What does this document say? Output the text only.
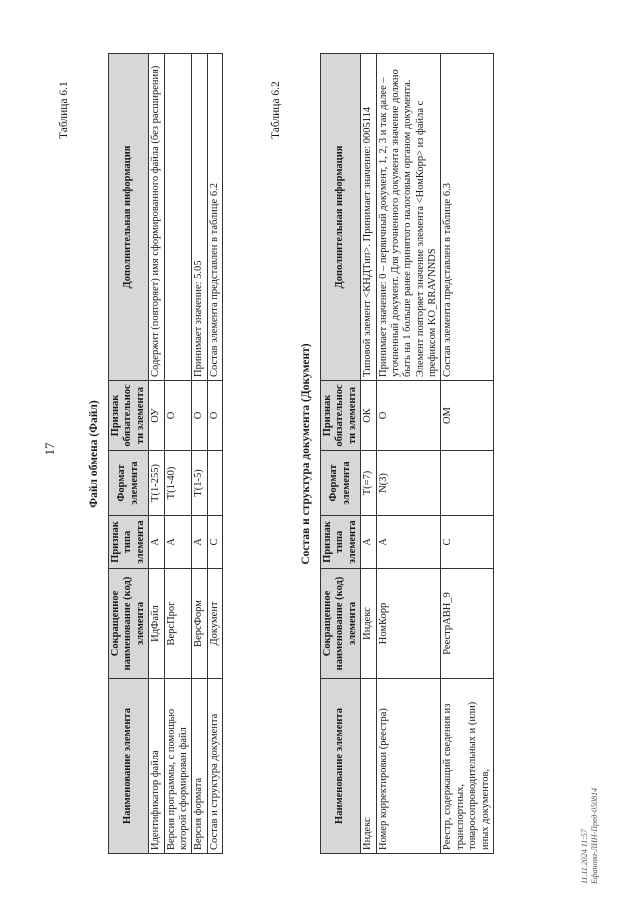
17
Таблица 6.1
Файл обмена (Файл)
Наименование элемента	Сокращенное наименование (код) элемента	Признак типа элемента	Формат элемента	Признак обязательности элемента	Дополнительная информация
Идентификатор файла	ИдФайл	А	Т(1-255)	ОУ	Содержит (повторяет) имя сформированного файла (без расширения)
Версия программы, с помощью которой сформирован файл	ВерсПрог	А	Т(1-40)	О	
Версия формата	ВерсФорм	А	Т(1-5)	О	Принимает значение: 5.05
Состав и структура документа	Документ	С		О	Состав элемента представлен в таблице 6.2
Таблица 6.2
Состав и структура документа (Документ)
Наименование элемента	Сокращенное наименование (код) элемента	Признак типа элемента	Формат элемента	Признак обязательности элемента	Дополнительная информация
Индекс	Индекс	А	Т(=7)	ОК	Типовой элемент <КНДТип>. Принимает значение: 0005114
Номер корректировки (реестра)	НомКорр	А	N(3)	О	Принимает значение: 0 – первичный документ, 1, 2, 3 и так далее – уточненный документ. Для уточненного документа значение должно быть на 1 больше ранее принятого налоговым органом документа. Элемент повторяет значение элемента <НомКорр> из файла с префиксом KO_RRAVNNDS
Реестр, содержащий сведения из транспортных, товаросопроводительных и (или) иных документов,	РеестрАВН_9	С		ОМ	Состав элемента представлен в таблице 6.3
11.11.2024 11:57 Ефанова-ЛИН-Пред-050814
